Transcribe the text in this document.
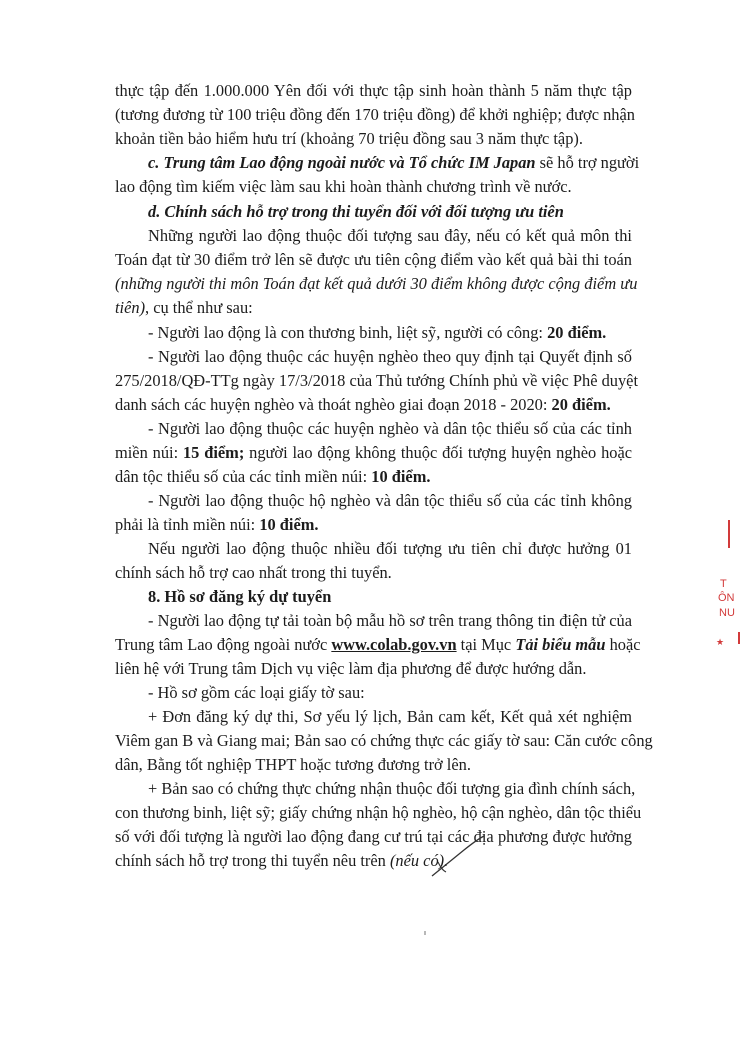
thực tập đến 1.000.000 Yên đối với thực tập sinh hoàn thành 5 năm thực tập

(tương đương từ 100 triệu đồng đến 170 triệu đồng) để khởi nghiệp; được nhận

khoản tiền bảo hiểm hưu trí (khoảng 70 triệu đồng sau 3 năm thực tập).

c. Trung tâm Lao động ngoài nước và Tổ chức IM Japan sẽ hỗ trợ người

lao động tìm kiếm việc làm sau khi hoàn thành chương trình về nước.

d. Chính sách hỗ trợ trong thi tuyển đối với đối tượng ưu tiên

Những người lao động thuộc đối tượng sau đây, nếu có kết quả môn thi

Toán đạt từ 30 điểm trở lên sẽ được ưu tiên cộng điểm vào kết quả bài thi toán

(những người thi môn Toán đạt kết quả dưới 30 điểm không được cộng điểm ưu

tiên), cụ thể như sau:

- Người lao động là con thương binh, liệt sỹ, người có công: 20 điểm.

- Người lao động thuộc các huyện nghèo theo quy định tại Quyết định số

275/2018/QĐ-TTg ngày 17/3/2018 của Thủ tướng Chính phủ về việc Phê duyệt

danh sách các huyện nghèo và thoát nghèo giai đoạn 2018 - 2020: 20 điểm.

- Người lao động thuộc các huyện nghèo và dân tộc thiểu số của các tỉnh

miền núi: 15 điểm; người lao động không thuộc đối tượng huyện nghèo hoặc

dân tộc thiểu số của các tỉnh miền núi: 10 điểm.

- Người lao động thuộc hộ nghèo và dân tộc thiểu số của các tỉnh không

phải là tỉnh miền núi: 10 điểm.

Nếu người lao động thuộc nhiều đối tượng ưu tiên chỉ được hưởng 01

chính sách hỗ trợ cao nhất trong thi tuyển.

8. Hồ sơ đăng ký dự tuyển

- Người lao động tự tải toàn bộ mẫu hồ sơ trên trang thông tin điện tử của

Trung tâm Lao động ngoài nước www.colab.gov.vn tại Mục Tải biểu mẫu hoặc

liên hệ với Trung tâm Dịch vụ việc làm địa phương để được hướng dẫn.

- Hồ sơ gồm các loại giấy tờ sau:

+ Đơn đăng ký dự thi, Sơ yếu lý lịch, Bản cam kết, Kết quả xét nghiệm

Viêm gan B và Giang mai; Bản sao có chứng thực các giấy tờ sau: Căn cước công

dân, Bằng tốt nghiệp THPT hoặc tương đương trở lên.

+ Bản sao có chứng thực chứng nhận thuộc đối tượng gia đình chính sách,

con thương binh, liệt sỹ; giấy chứng nhận hộ nghèo, hộ cận nghèo, dân tộc thiểu

số với đối tượng là người lao động đang cư trú tại các địa phương được hưởng

chính sách hỗ trợ trong thi tuyển nêu trên (nếu có).

T
ÔN
NU
★
